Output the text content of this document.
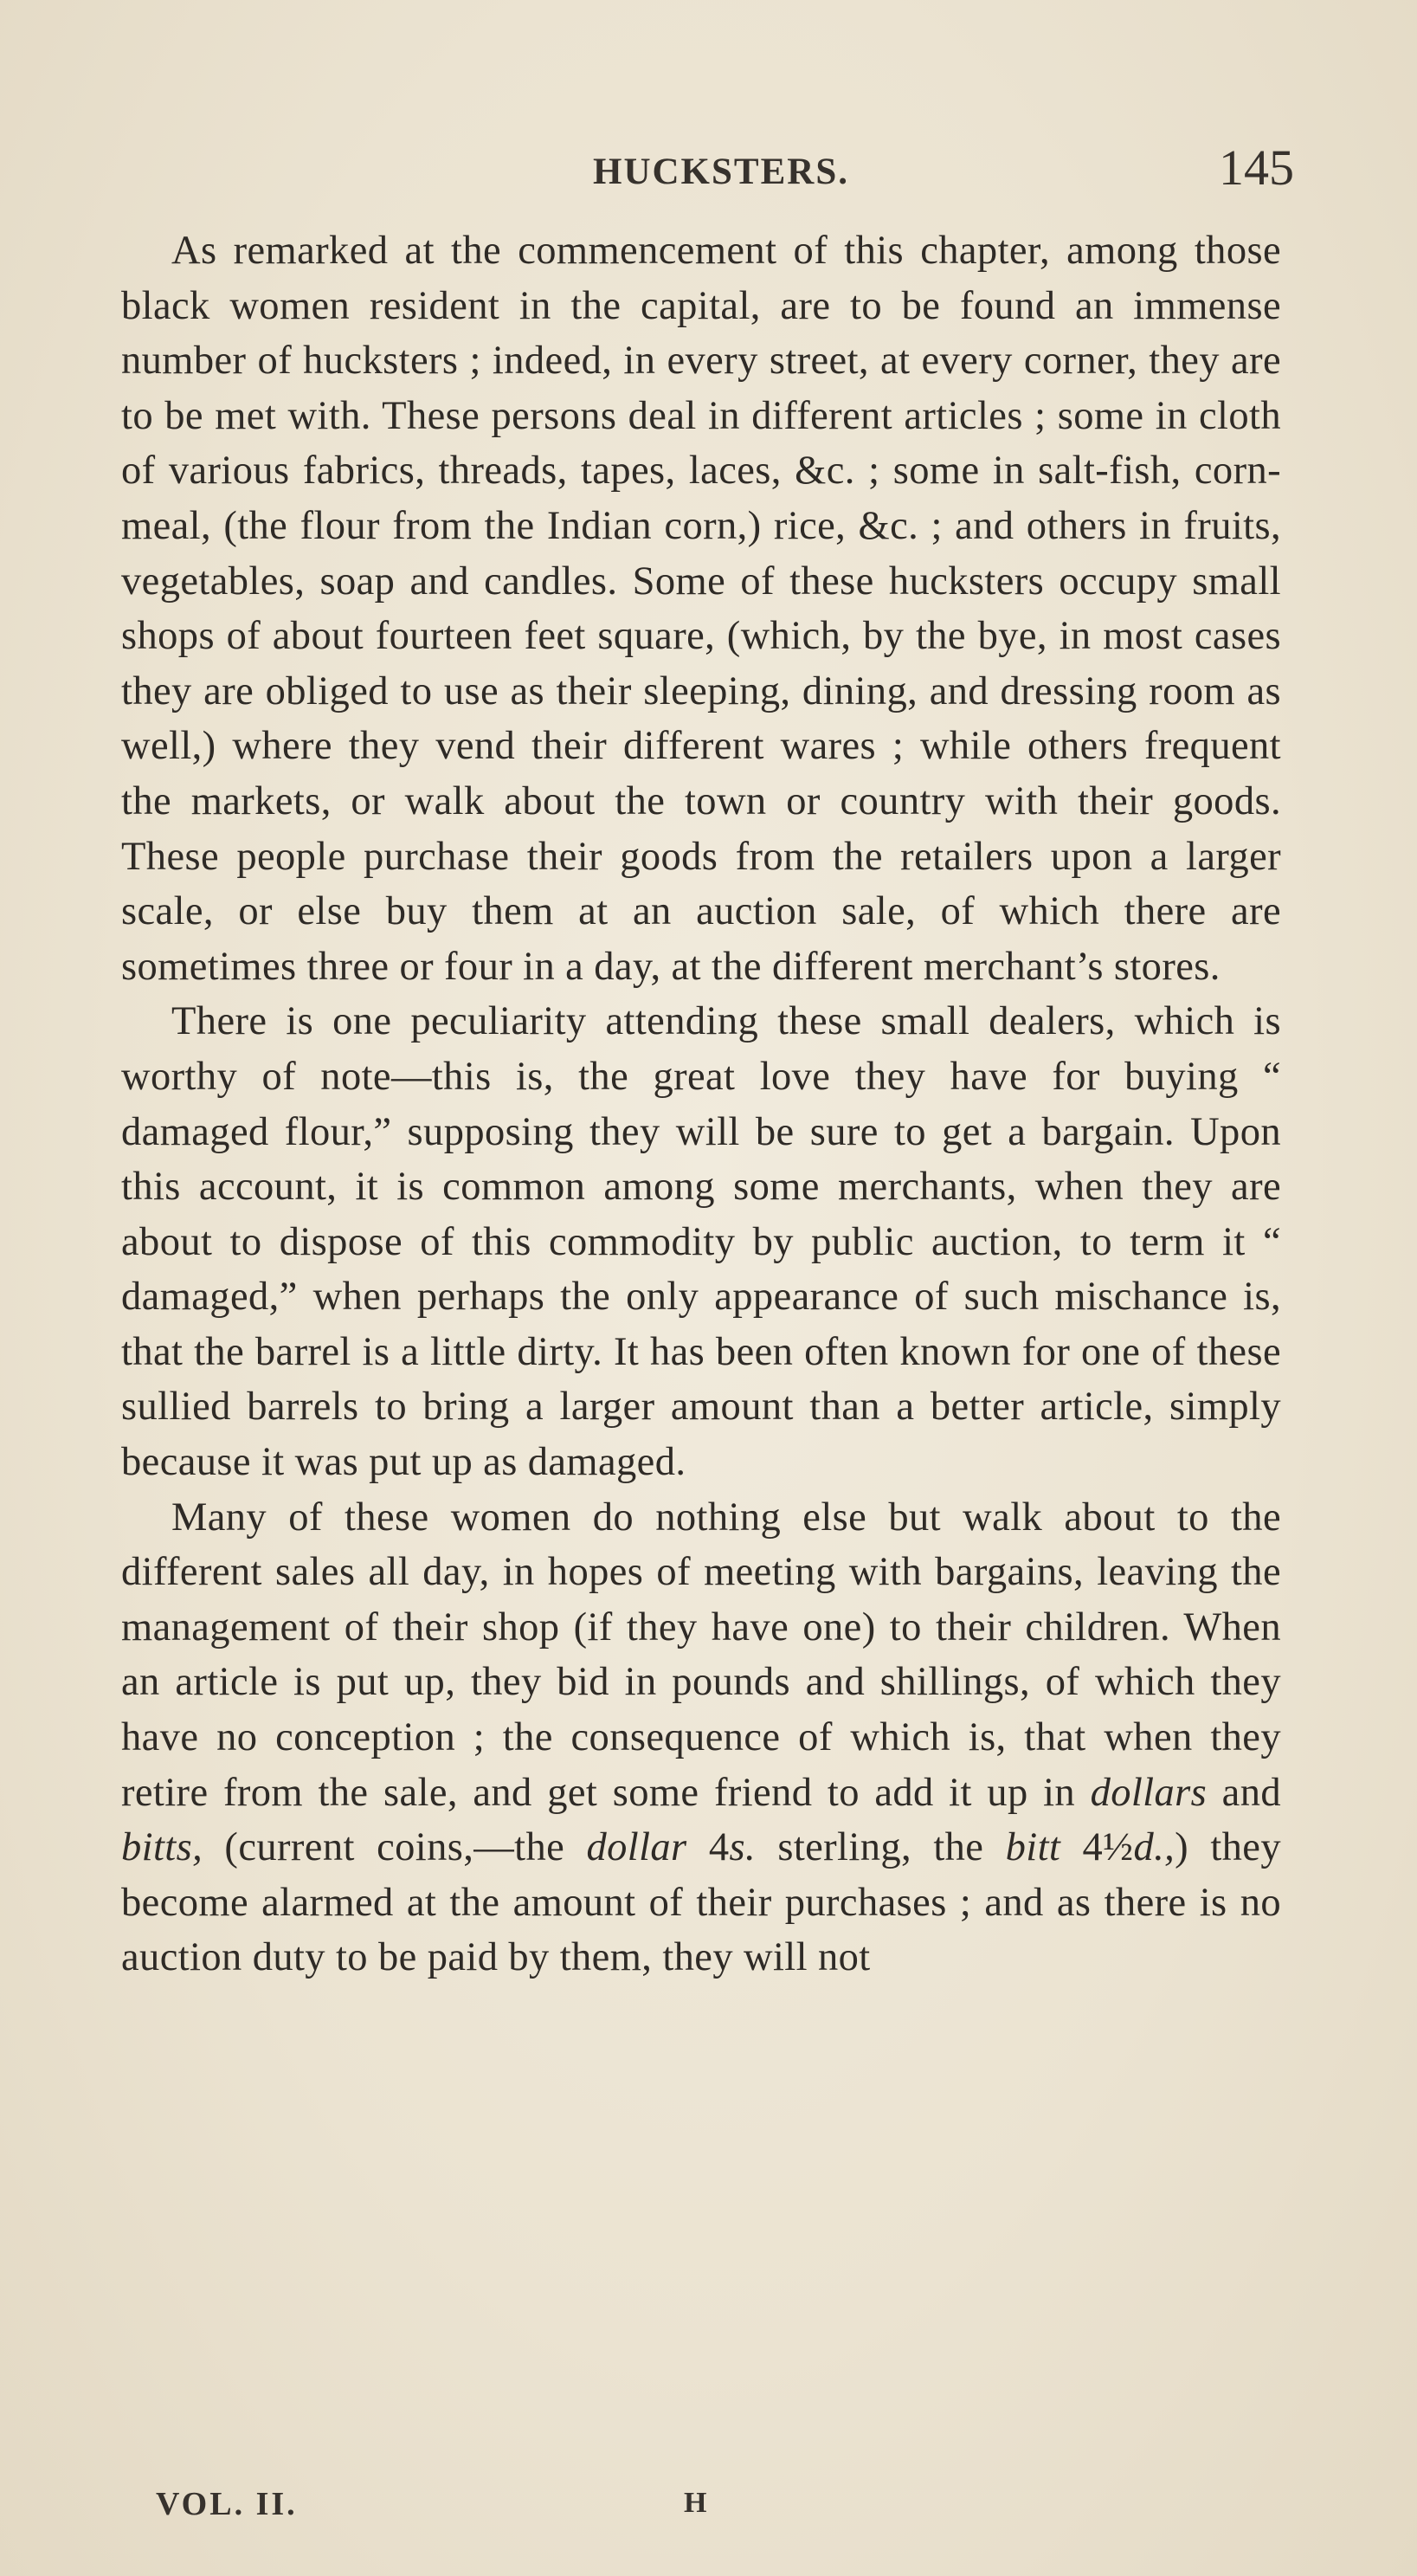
HUCKSTERS.	145

As remarked at the commencement of this chapter, among those black women resident in the capital, are to be found an immense number of hucksters ; indeed, in every street, at every corner, they are to be met with. These persons deal in different articles ; some in cloth of various fabrics, threads, tapes, laces, &c. ; some in salt-fish, corn-meal, (the flour from the Indian corn,) rice, &c. ; and others in fruits, vegetables, soap and candles. Some of these hucksters occupy small shops of about fourteen feet square, (which, by the bye, in most cases they are obliged to use as their sleeping, dining, and dressing room as well,) where they vend their different wares ; while others frequent the markets, or walk about the town or country with their goods. These people purchase their goods from the retailers upon a larger scale, or else buy them at an auction sale, of which there are sometimes three or four in a day, at the different merchant’s stores.

There is one peculiarity attending these small dealers, which is worthy of note—this is, the great love they have for buying “ damaged flour,” supposing they will be sure to get a bargain. Upon this account, it is common among some merchants, when they are about to dispose of this commodity by public auction, to term it “ damaged,” when perhaps the only appearance of such mischance is, that the barrel is a little dirty. It has been often known for one of these sullied barrels to bring a larger amount than a better article, simply because it was put up as damaged.

Many of these women do nothing else but walk about to the different sales all day, in hopes of meeting with bargains, leaving the management of their shop (if they have one) to their children. When an article is put up, they bid in pounds and shillings, of which they have no conception ; the consequence of which is, that when they retire from the sale, and get some friend to add it up in dollars and bitts, (current coins,—the dollar 4s. sterling, the bitt 4½d.,) they become alarmed at the amount of their purchases ; and as there is no auction duty to be paid by them, they will not

VOL. II.	H
